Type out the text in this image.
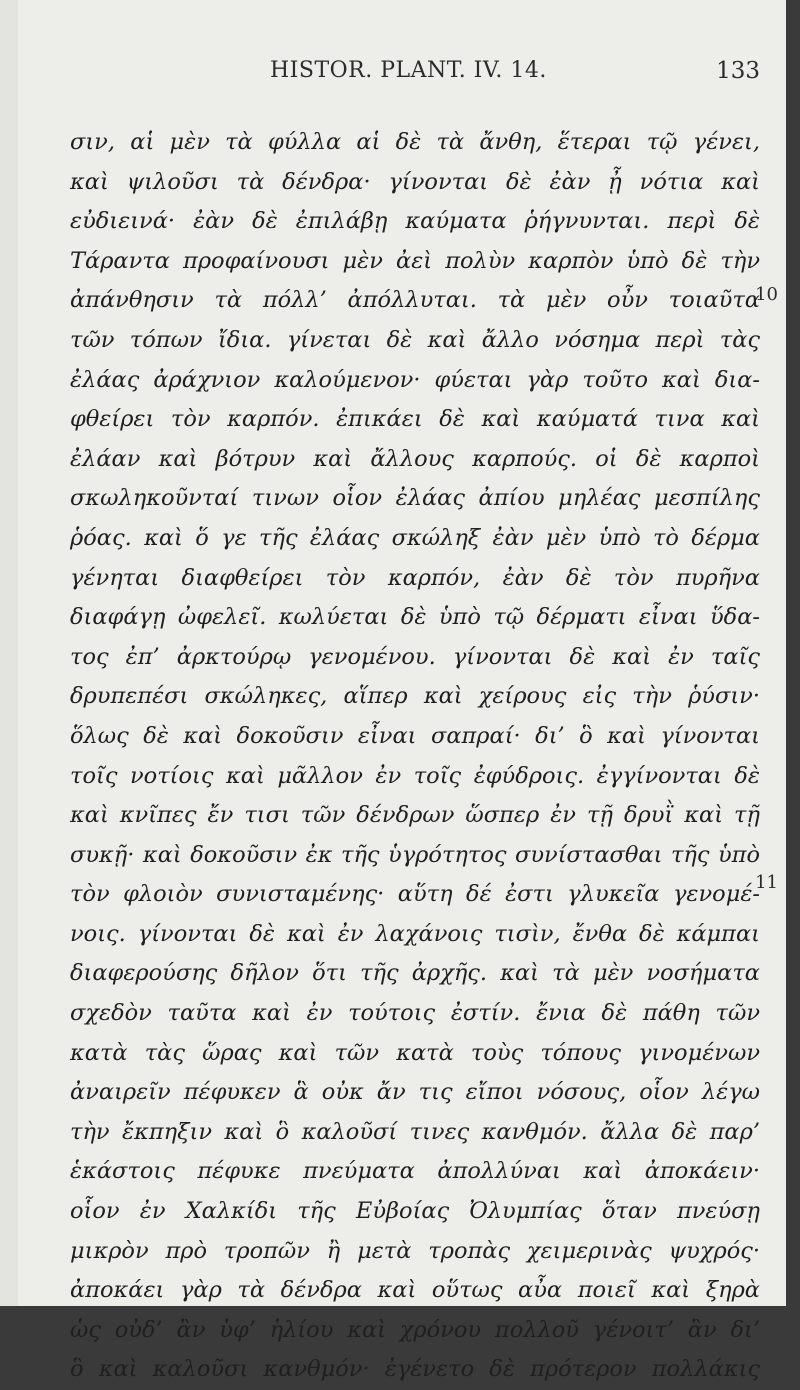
HISTOR. PLANT. IV. 14.	133
σιν, αἱ μὲν τὰ φύλλα αἱ δὲ τὰ ἄνθη, ἕτεραι τῷ γένει,
καὶ ψιλοῦσι τὰ δένδρα· γίνονται δὲ ἐὰν ᾖ νότια καὶ
εὐδιεινά· ἐὰν δὲ ἐπιλάβῃ καύματα ῥήγνυνται. περὶ δὲ
Τάραντα προφαίνουσι μὲν ἀεὶ πολὺν καρπὸν ὑπὸ δὲ τὴν
ἀπάνθησιν τὰ πόλλ’ ἀπόλλυται. τὰ μὲν οὖν τοιαῦτα
τῶν τόπων ἴδια. γίνεται δὲ καὶ ἄλλο νόσημα περὶ τὰς
ἐλάας ἀράχνιον καλούμενον· φύεται γὰρ τοῦτο καὶ δια-
φθείρει τὸν καρπόν. ἐπικάει δὲ καὶ καύματά τινα καὶ
ἐλάαν καὶ βότρυν καὶ ἄλλους καρπούς. οἱ δὲ καρποὶ
σκωληκοῦνταί τινων οἷον ἐλάας ἀπίου μηλέας μεσπίλης
ῥόας. καὶ ὅ γε τῆς ἐλάας σκώληξ ἐὰν μὲν ὑπὸ τὸ δέρμα
γένηται διαφθείρει τὸν καρπόν, ἐὰν δὲ τὸν πυρῆνα
διαφάγῃ ὠφελεῖ. κωλύεται δὲ ὑπὸ τῷ δέρματι εἶναι ὕδα-
τος ἐπ’ ἀρκτούρῳ γενομένου. γίνονται δὲ καὶ ἐν ταῖς
δρυπεπέσι σκώληκες, αἵπερ καὶ χείρους εἰς τὴν ῥύσιν·
ὅλως δὲ καὶ δοκοῦσιν εἶναι σαπραί· δι’ ὃ καὶ γίνονται
τοῖς νοτίοις καὶ μᾶλλον ἐν τοῖς ἐφύδροις. ἐγγίνονται δὲ
καὶ κνῖπες ἔν τισι τῶν δένδρων ὥσπερ ἐν τῇ δρυῒ καὶ τῇ
συκῇ· καὶ δοκοῦσιν ἐκ τῆς ὑγρότητος συνίστασθαι τῆς ὑπὸ
τὸν φλοιὸν συνισταμένης· αὕτη δέ ἐστι γλυκεῖα γενομέ-
νοις. γίνονται δὲ καὶ ἐν λαχάνοις τισὶν, ἔνθα δὲ κάμπαι
διαφερούσης δῆλον ὅτι τῆς ἀρχῆς. καὶ τὰ μὲν νοσήματα
σχεδὸν ταῦτα καὶ ἐν τούτοις ἐστίν. ἔνια δὲ πάθη τῶν
κατὰ τὰς ὥρας καὶ τῶν κατὰ τοὺς τόπους γινομένων
ἀναιρεῖν πέφυκεν ἃ οὐκ ἄν τις εἴποι νόσους, οἷον λέγω
τὴν ἔκπηξιν καὶ ὃ καλοῦσί τινες κανθμόν. ἄλλα δὲ παρ’
ἑκάστοις πέφυκε πνεύματα ἀπολλύναι καὶ ἀποκάειν·
οἷον ἐν Χαλκίδι τῆς Εὐβοίας Ὀλυμπίας ὅταν πνεύσῃ
μικρὸν πρὸ τροπῶν ἢ μετὰ τροπὰς χειμερινὰς ψυχρός·
ἀποκάει γὰρ τὰ δένδρα καὶ οὕτως αὖα ποιεῖ καὶ ξηρὰ
ὡς οὐδ’ ἂν ὑφ’ ἡλίου καὶ χρόνου πολλοῦ γένοιτ’ ἂν δι’
ὃ καὶ καλοῦσι κανθμόν· ἐγένετο δὲ πρότερον πολλάκις
10
11
